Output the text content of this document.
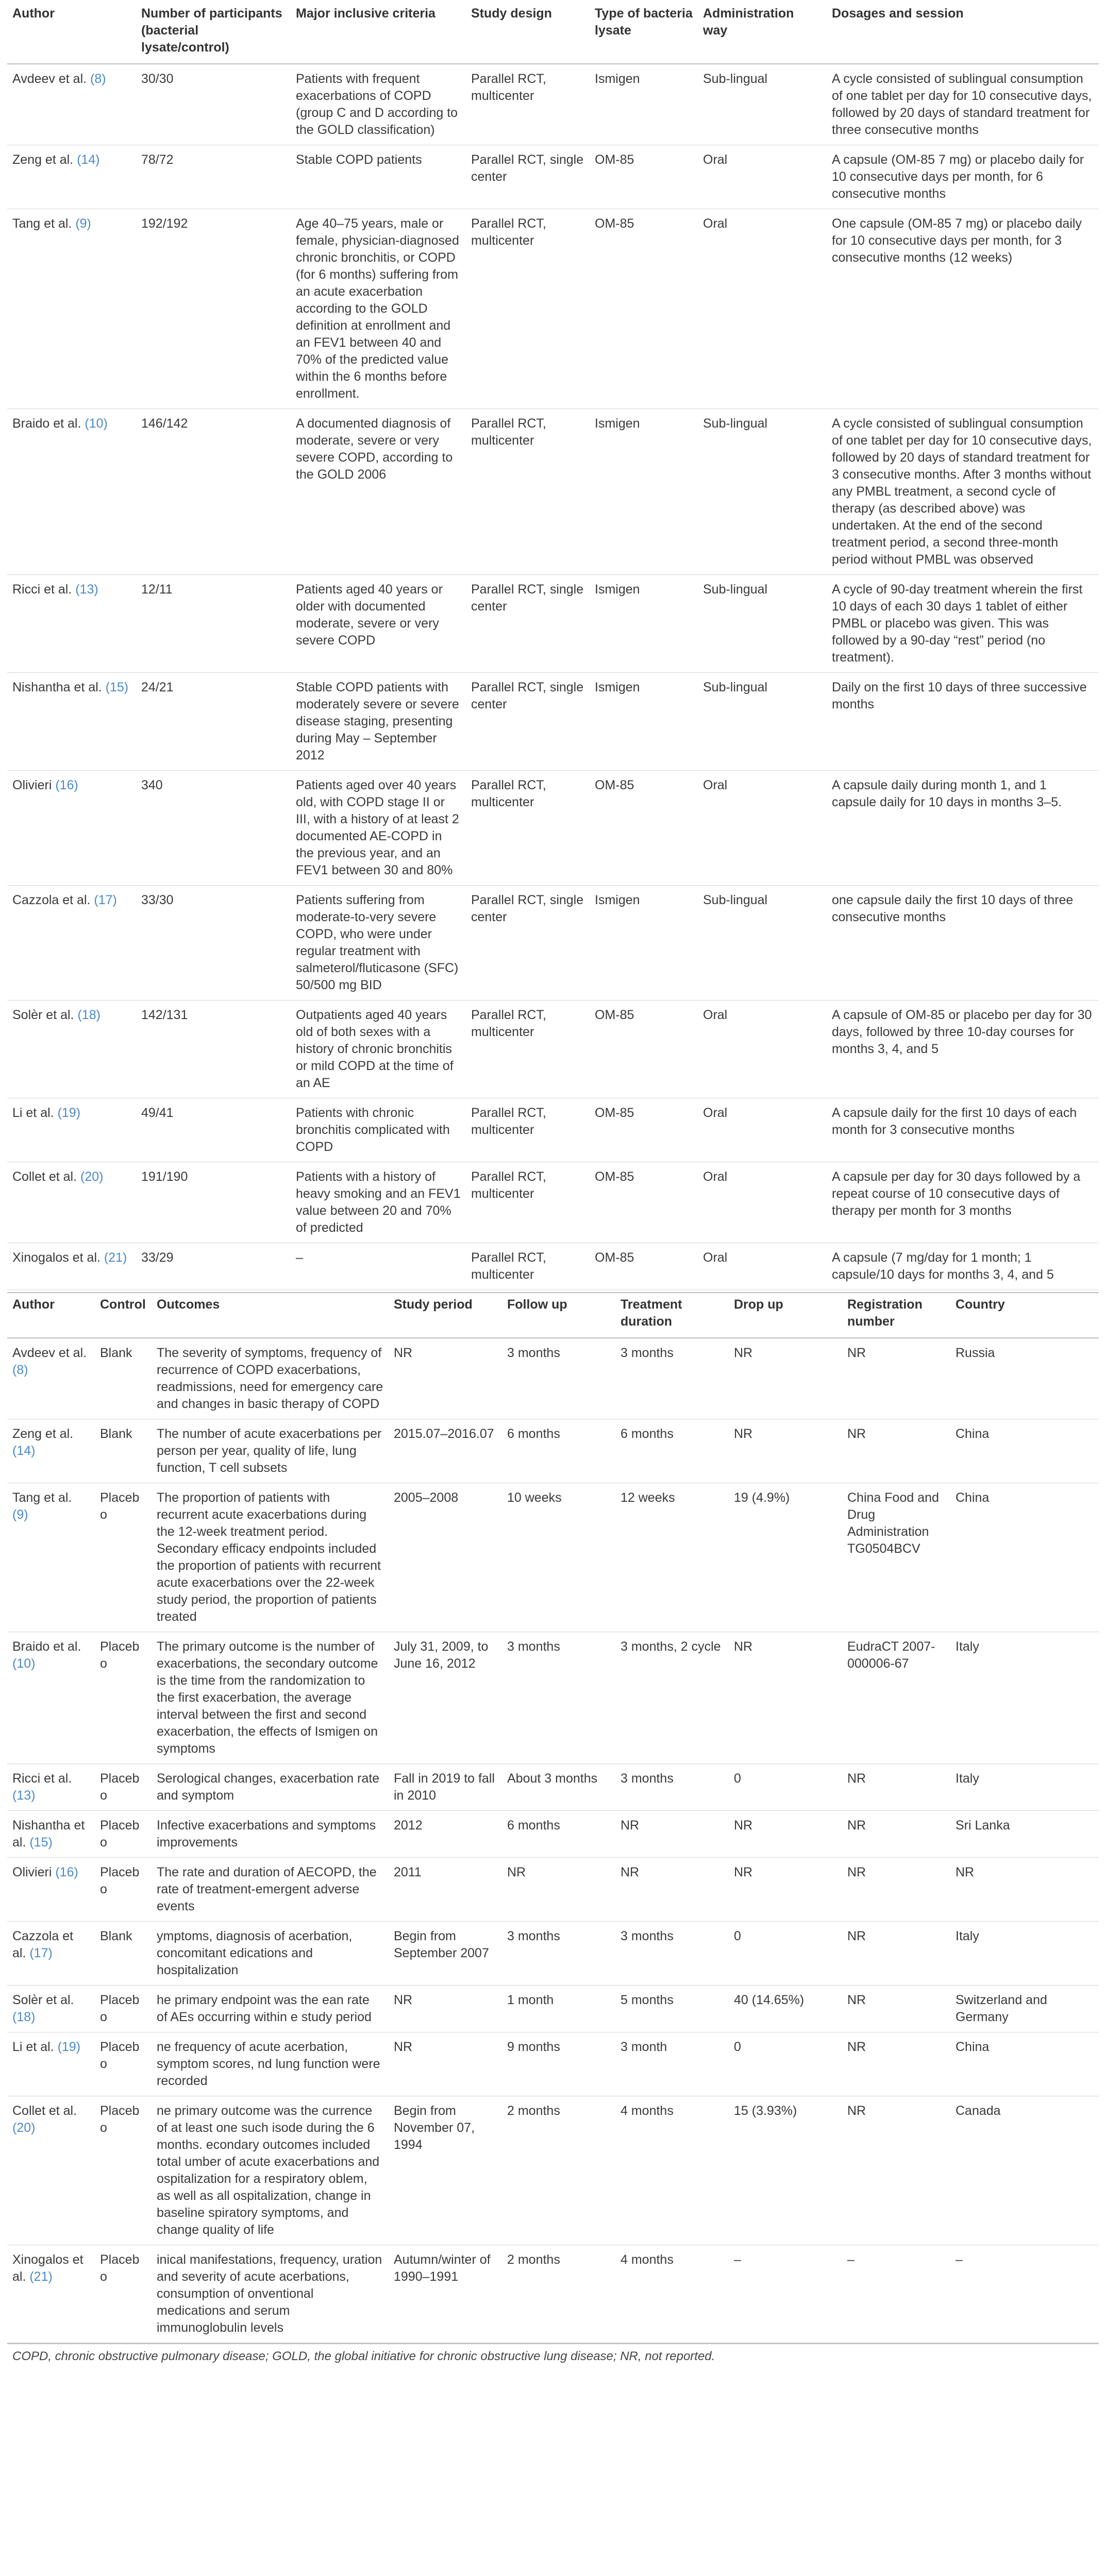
Author	Number of participants (bacterial lysate/control)	Major inclusive criteria	Study design	Type of bacteria lysate	Administration way	Dosages and session
Avdeev et al. (8)	30/30	Patients with frequent exacerbations of COPD (group C and D according to the GOLD classification)	Parallel RCT, multicenter	Ismigen	Sub-lingual	A cycle consisted of sublingual consumption of one tablet per day for 10 consecutive days, followed by 20 days of standard treatment for three consecutive months
Zeng et al. (14)	78/72	Stable COPD patients	Parallel RCT, single center	OM-85	Oral	A capsule (OM-85 7 mg) or placebo daily for 10 consecutive days per month, for 6 consecutive months
Tang et al. (9)	192/192	Age 40–75 years, male or female, physician-diagnosed chronic bronchitis, or COPD (for 6 months) suffering from an acute exacerbation according to the GOLD definition at enrollment and an FEV1 between 40 and 70% of the predicted value within the 6 months before enrollment.	Parallel RCT, multicenter	OM-85	Oral	One capsule (OM-85 7 mg) or placebo daily for 10 consecutive days per month, for 3 consecutive months (12 weeks)
Braido et al. (10)	146/142	A documented diagnosis of moderate, severe or very severe COPD, according to the GOLD 2006	Parallel RCT, multicenter	Ismigen	Sub-lingual	A cycle consisted of sublingual consumption of one tablet per day for 10 consecutive days, followed by 20 days of standard treatment for 3 consecutive months. After 3 months without any PMBL treatment, a second cycle of therapy (as described above) was undertaken. At the end of the second treatment period, a second three-month period without PMBL was observed
Ricci et al. (13)	12/11	Patients aged 40 years or older with documented moderate, severe or very severe COPD	Parallel RCT, single center	Ismigen	Sub-lingual	A cycle of 90-day treatment wherein the first 10 days of each 30 days 1 tablet of either PMBL or placebo was given. This was followed by a 90-day “rest” period (no treatment).
Nishantha et al. (15)	24/21	Stable COPD patients with moderately severe or severe disease staging, presenting during May – September 2012	Parallel RCT, single center	Ismigen	Sub-lingual	Daily on the first 10 days of three successive months
Olivieri (16)	340	Patients aged over 40 years old, with COPD stage II or III, with a history of at least 2 documented AE-COPD in the previous year, and an FEV1 between 30 and 80%	Parallel RCT, multicenter	OM-85	Oral	A capsule daily during month 1, and 1 capsule daily for 10 days in months 3–5.
Cazzola et al. (17)	33/30	Patients suffering from moderate-to-very severe COPD, who were under regular treatment with salmeterol/fluticasone (SFC) 50/500 mg BID	Parallel RCT, single center	Ismigen	Sub-lingual	one capsule daily the first 10 days of three consecutive months
Solèr et al. (18)	142/131	Outpatients aged 40 years old of both sexes with a history of chronic bronchitis or mild COPD at the time of an AE	Parallel RCT, multicenter	OM-85	Oral	A capsule of OM-85 or placebo per day for 30 days, followed by three 10-day courses for months 3, 4, and 5
Li et al. (19)	49/41	Patients with chronic bronchitis complicated with COPD	Parallel RCT, multicenter	OM-85	Oral	A capsule daily for the first 10 days of each month for 3 consecutive months
Collet et al. (20)	191/190	Patients with a history of heavy smoking and an FEV1 value between 20 and 70% of predicted	Parallel RCT, multicenter	OM-85	Oral	A capsule per day for 30 days followed by a repeat course of 10 consecutive days of therapy per month for 3 months
Xinogalos et al. (21)	33/29	–	Parallel RCT, multicenter	OM-85	Oral	A capsule (7 mg/day for 1 month; 1 capsule/10 days for months 3, 4, and 5
Author	Control	Outcomes	Study period	Follow up	Treatment duration	Drop up	Registration number	Country
Avdeev et al. (8)	Blank	The severity of symptoms, frequency of recurrence of COPD exacerbations, readmissions, need for emergency care and changes in basic therapy of COPD	NR	3 months	3 months	NR	NR	Russia
Zeng et al. (14)	Blank	The number of acute exacerbations per person per year, quality of life, lung function, T cell subsets	2015.07–2016.07	6 months	6 months	NR	NR	China
Tang et al. (9)	Placebo	The proportion of patients with recurrent acute exacerbations during the 12-week treatment period. Secondary efficacy endpoints included the proportion of patients with recurrent acute exacerbations over the 22-week study period, the proportion of patients treated	2005–2008	10 weeks	12 weeks	19 (4.9%)	China Food and Drug Administration TG0504BCV	China
Braido et al. (10)	Placebo	The primary outcome is the number of exacerbations, the secondary outcome is the time from the randomization to the first exacerbation, the average interval between the first and second exacerbation, the effects of Ismigen on symptoms	July 31, 2009, to June 16, 2012	3 months	3 months, 2 cycle	NR	EudraCT 2007-000006-67	Italy
Ricci et al. (13)	Placebo	Serological changes, exacerbation rate and symptom	Fall in 2019 to fall in 2010	About 3 months	3 months	0	NR	Italy
Nishantha et al. (15)	Placebo	Infective exacerbations and symptoms improvements	2012	6 months	NR	NR	NR	Sri Lanka
Olivieri (16)	Placebo	The rate and duration of AECOPD, the rate of treatment-emergent adverse events	2011	NR	NR	NR	NR	NR
Cazzola et al. (17)	Blank	ymptoms, diagnosis of acerbation, concomitant edications and hospitalization	Begin from September 2007	3 months	3 months	0	NR	Italy
Solèr et al. (18)	Placebo	he primary endpoint was the ean rate of AEs occurring within e study period	NR	1 month	5 months	40 (14.65%)	NR	Switzerland and Germany
Li et al. (19)	Placebo	ne frequency of acute acerbation, symptom scores, nd lung function were recorded	NR	9 months	3 month	0	NR	China
Collet et al. (20)	Placebo	ne primary outcome was the currence of at least one such isode during the 6 months. econdary outcomes included total umber of acute exacerbations and ospitalization for a respiratory oblem, as well as all ospitalization, change in baseline spiratory symptoms, and change quality of life	Begin from November 07, 1994	2 months	4 months	15 (3.93%)	NR	Canada
Xinogalos et al. (21)	Placebo	inical manifestations, frequency, uration and severity of acute acerbations, consumption of onventional medications and serum immunoglobulin levels	Autumn/winter of 1990–1991	2 months	4 months	–	–	–
COPD, chronic obstructive pulmonary disease; GOLD, the global initiative for chronic obstructive lung disease; NR, not reported.
